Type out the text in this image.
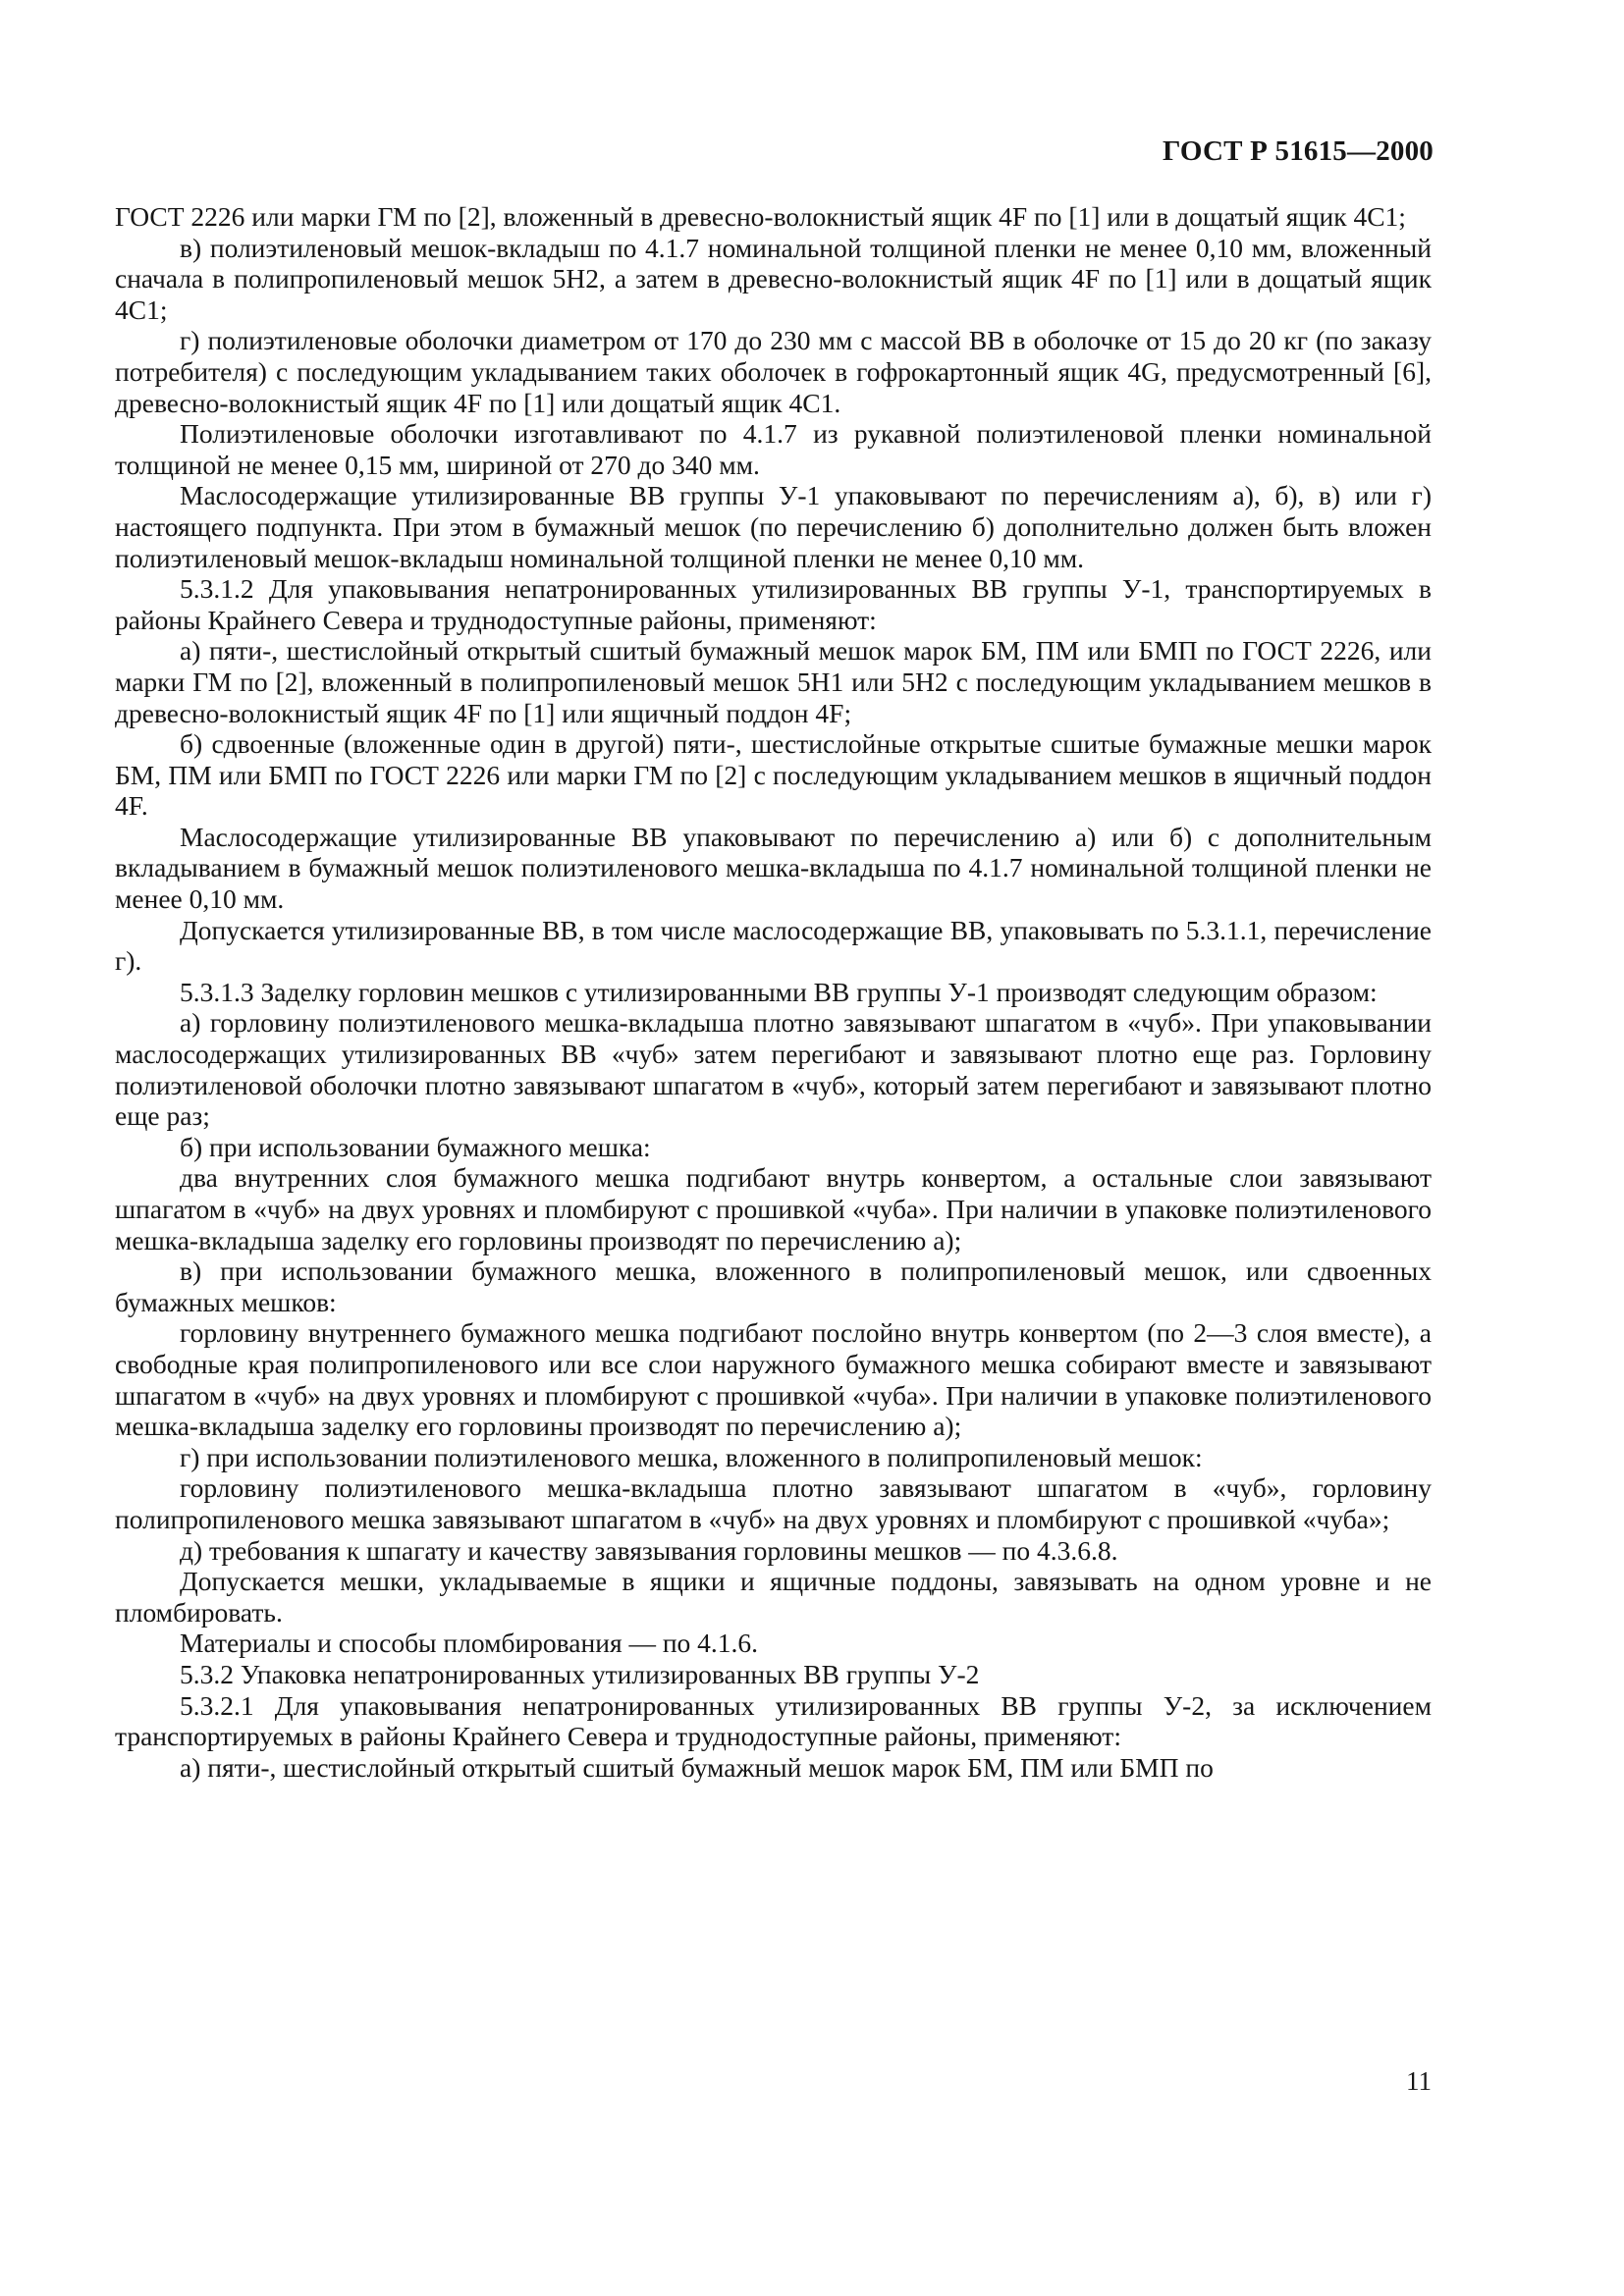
ГОСТ Р 51615—2000

ГОСТ 2226 или марки ГМ по [2], вложенный в древесно-волокнистый ящик 4F по [1] или в дощатый ящик 4С1;

в) полиэтиленовый мешок-вкладыш по 4.1.7 номинальной толщиной пленки не менее 0,10 мм, вложенный сначала в полипропиленовый мешок 5Н2, а затем в древесно-волокнистый ящик 4F по [1] или в дощатый ящик 4С1;

г) полиэтиленовые оболочки диаметром от 170 до 230 мм с массой ВВ в оболочке от 15 до 20 кг (по заказу потребителя) с последующим укладыванием таких оболочек в гофрокартонный ящик 4G, предусмотренный [6], древесно-волокнистый ящик 4F по [1] или дощатый ящик 4С1.

Полиэтиленовые оболочки изготавливают по 4.1.7 из рукавной полиэтиленовой пленки номинальной толщиной не менее 0,15 мм, шириной от 270 до 340 мм.

Маслосодержащие утилизированные ВВ группы У-1 упаковывают по перечислениям а), б), в) или г) настоящего подпункта. При этом в бумажный мешок (по перечислению б) дополнительно должен быть вложен полиэтиленовый мешок-вкладыш номинальной толщиной пленки не менее 0,10 мм.

5.3.1.2 Для упаковывания непатронированных утилизированных ВВ группы У-1, транспортируемых в районы Крайнего Севера и труднодоступные районы, применяют:

а) пяти-, шестислойный открытый сшитый бумажный мешок марок БМ, ПМ или БМП по ГОСТ 2226, или марки ГМ по [2], вложенный в полипропиленовый мешок 5Н1 или 5Н2 с последующим укладыванием мешков в древесно-волокнистый ящик 4F по [1] или ящичный поддон 4F;

б) сдвоенные (вложенные один в другой) пяти-, шестислойные открытые сшитые бумажные мешки марок БМ, ПМ или БМП по ГОСТ 2226 или марки ГМ по [2] с последующим укладыванием мешков в ящичный поддон 4F.

Маслосодержащие утилизированные ВВ упаковывают по перечислению а) или б) с дополнительным вкладыванием в бумажный мешок полиэтиленового мешка-вкладыша по 4.1.7 номинальной толщиной пленки не менее 0,10 мм.

Допускается утилизированные ВВ, в том числе маслосодержащие ВВ, упаковывать по 5.3.1.1, перечисление г).

5.3.1.3 Заделку горловин мешков с утилизированными ВВ группы У-1 производят следующим образом:

а) горловину полиэтиленового мешка-вкладыша плотно завязывают шпагатом в «чуб». При упаковывании маслосодержащих утилизированных ВВ «чуб» затем перегибают и завязывают плотно еще раз. Горловину полиэтиленовой оболочки плотно завязывают шпагатом в «чуб», который затем перегибают и завязывают плотно еще раз;

б) при использовании бумажного мешка:

два внутренних слоя бумажного мешка подгибают внутрь конвертом, а остальные слои завязывают шпагатом в «чуб» на двух уровнях и пломбируют с прошивкой «чуба». При наличии в упаковке полиэтиленового мешка-вкладыша заделку его горловины производят по перечислению а);

в) при использовании бумажного мешка, вложенного в полипропиленовый мешок, или сдвоенных бумажных мешков:

горловину внутреннего бумажного мешка подгибают послойно внутрь конвертом (по 2—3 слоя вместе), а свободные края полипропиленового или все слои наружного бумажного мешка собирают вместе и завязывают шпагатом в «чуб» на двух уровнях и пломбируют с прошивкой «чуба». При наличии в упаковке полиэтиленового мешка-вкладыша заделку его горловины производят по перечислению а);

г) при использовании полиэтиленового мешка, вложенного в полипропиленовый мешок:

горловину полиэтиленового мешка-вкладыша плотно завязывают шпагатом в «чуб», горловину полипропиленового мешка завязывают шпагатом в «чуб» на двух уровнях и пломбируют с прошивкой «чуба»;

д) требования к шпагату и качеству завязывания горловины мешков — по 4.3.6.8.

Допускается мешки, укладываемые в ящики и ящичные поддоны, завязывать на одном уровне и не пломбировать.

Материалы и способы пломбирования — по 4.1.6.

5.3.2 Упаковка непатронированных утилизированных ВВ группы У-2

5.3.2.1 Для упаковывания непатронированных утилизированных ВВ группы У-2, за исключением транспортируемых в районы Крайнего Севера и труднодоступные районы, применяют:

а) пяти-, шестислойный открытый сшитый бумажный мешок марок БМ, ПМ или БМП по

11
